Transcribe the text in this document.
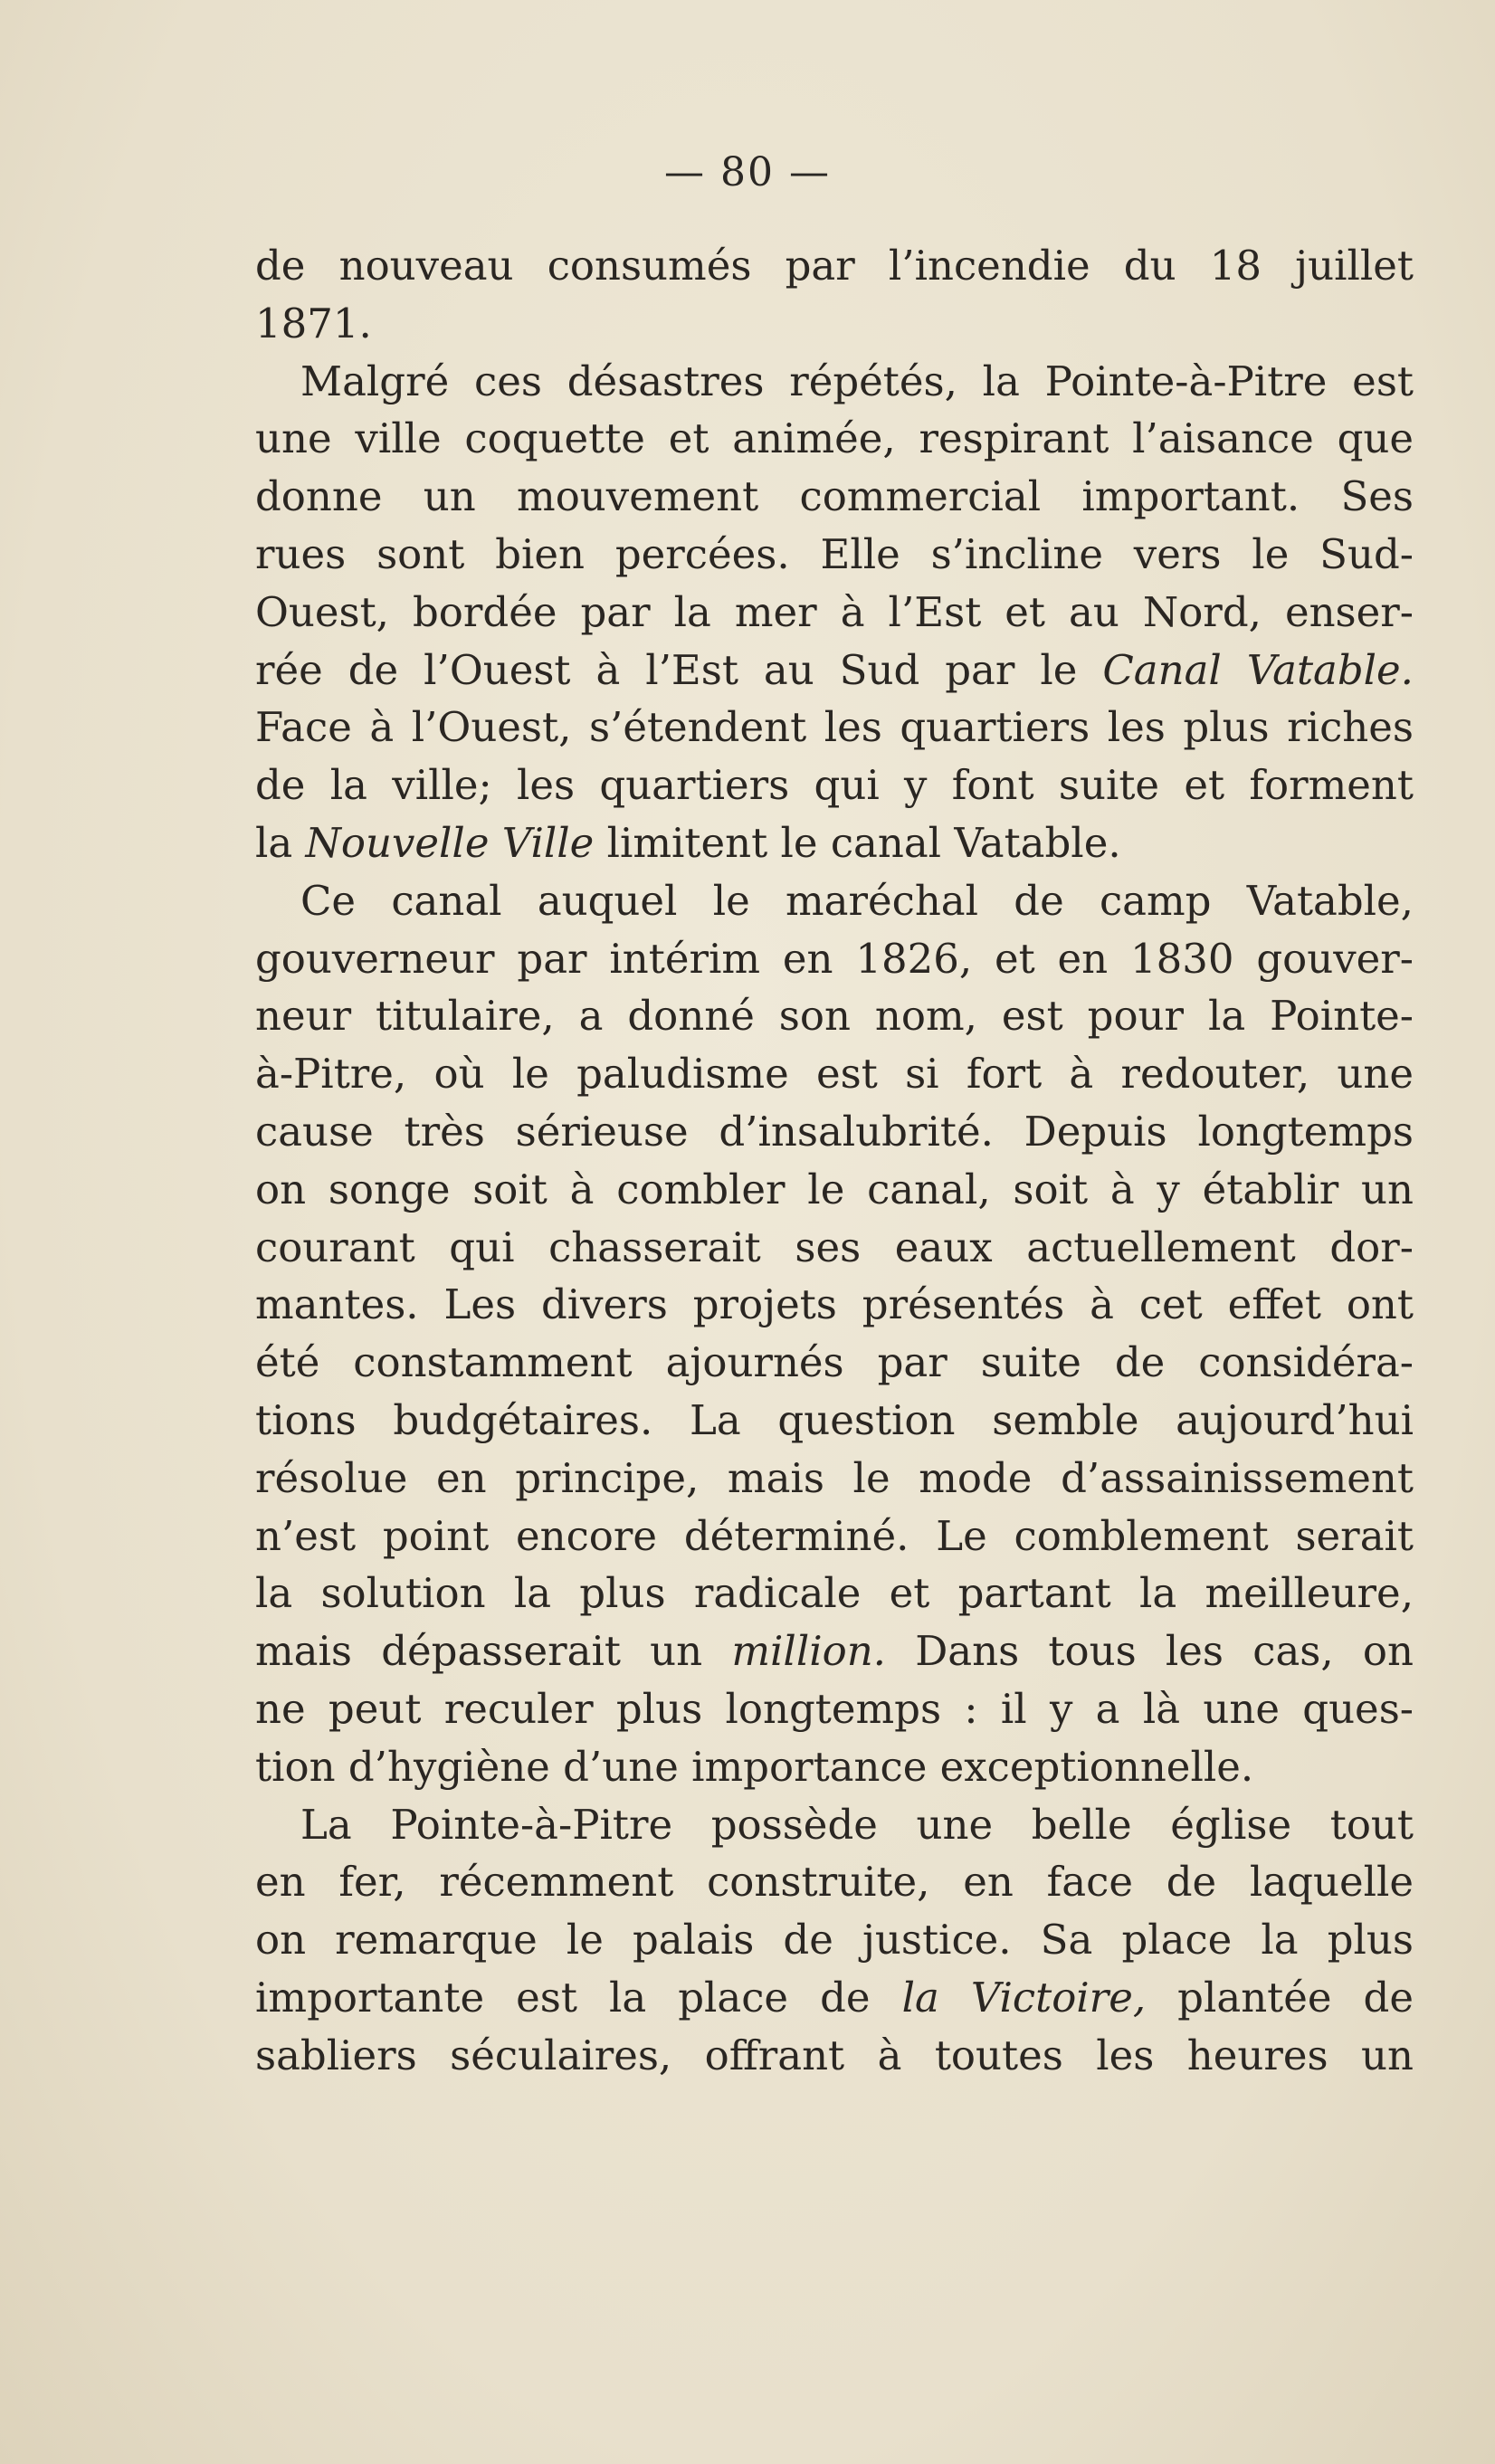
— 80 —
de nouveau consumés par l’incendie du 18 juillet
1871.
Malgré ces désastres répétés, la Pointe-à-Pitre est
une ville coquette et animée, respirant l’aisance que
donne un mouvement commercial important. Ses
rues sont bien percées. Elle s’incline vers le Sud-
Ouest, bordée par la mer à l’Est et au Nord, enser-
rée de l’Ouest à l’Est au Sud par le Canal Vatable.
Face à l’Ouest, s’étendent les quartiers les plus riches
de la ville; les quartiers qui y font suite et forment
la Nouvelle Ville limitent le canal Vatable.
Ce canal auquel le maréchal de camp Vatable,
gouverneur par intérim en 1826, et en 1830 gouver-
neur titulaire, a donné son nom, est pour la Pointe-
à-Pitre, où le paludisme est si fort à redouter, une
cause très sérieuse d’insalubrité. Depuis longtemps
on songe soit à combler le canal, soit à y établir un
courant qui chasserait ses eaux actuellement dor-
mantes. Les divers projets présentés à cet effet ont
été constamment ajournés par suite de considéra-
tions budgétaires. La question semble aujourd’hui
résolue en principe, mais le mode d’assainissement
n’est point encore déterminé. Le comblement serait
la solution la plus radicale et partant la meilleure,
mais dépasserait un million. Dans tous les cas, on
ne peut reculer plus longtemps : il y a là une ques-
tion d’hygiène d’une importance exceptionnelle.
La Pointe-à-Pitre possède une belle église tout
en fer, récemment construite, en face de laquelle
on remarque le palais de justice. Sa place la plus
importante est la place de la Victoire, plantée de
sabliers séculaires, offrant à toutes les heures un
